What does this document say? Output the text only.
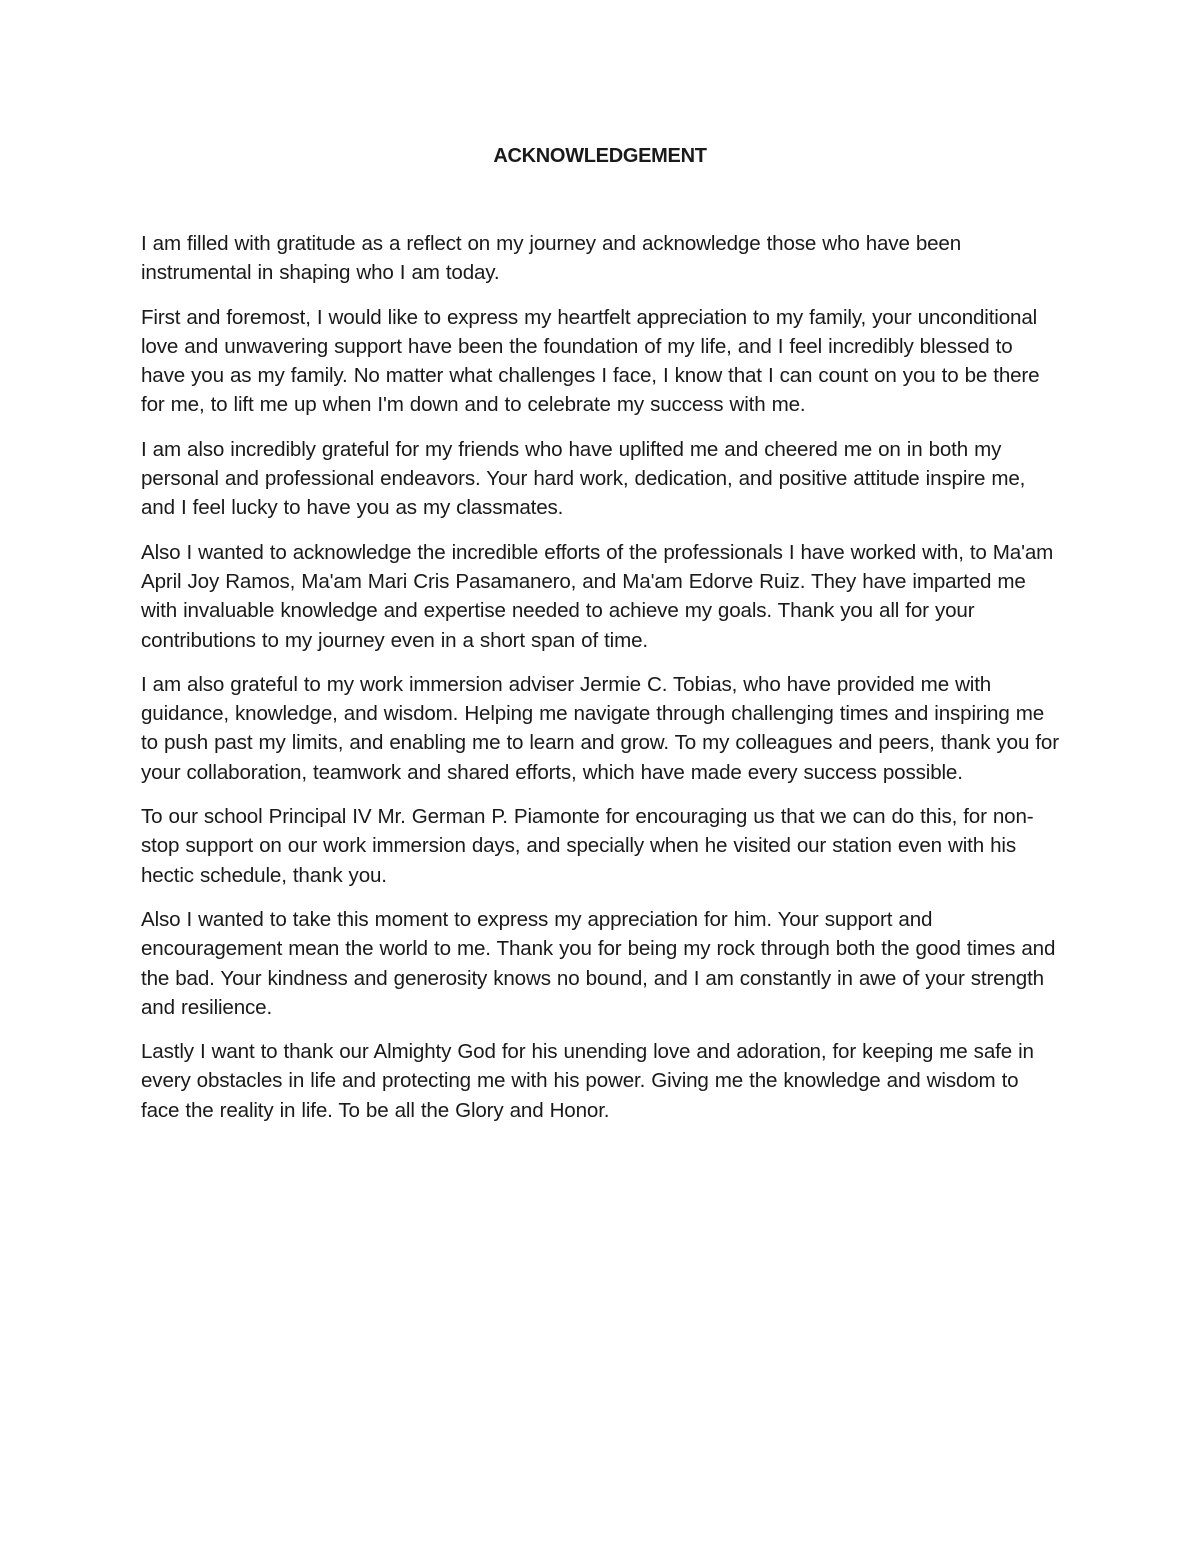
ACKNOWLEDGEMENT

I am filled with gratitude as a reflect on my journey and acknowledge those who have been instrumental in shaping who I am today.

First and foremost, I would like to express my heartfelt appreciation to my family, your unconditional love and unwavering support have been the foundation of my life, and I feel incredibly blessed to have you as my family. No matter what challenges I face, I know that I can count on you to be there for me, to lift me up when I'm down and to celebrate my success with me.

I am also incredibly grateful for my friends who have uplifted me and cheered me on in both my personal and professional endeavors. Your hard work, dedication, and positive attitude inspire me, and I feel lucky to have you as my classmates.

Also I wanted to acknowledge the incredible efforts of the professionals I have worked with, to Ma'am April Joy Ramos, Ma'am Mari Cris Pasamanero, and Ma'am Edorve Ruiz. They have imparted me with invaluable knowledge and expertise needed to achieve my goals. Thank you all for your contributions to my journey even in a short span of time.

I am also grateful to my work immersion adviser Jermie C. Tobias, who have provided me with guidance, knowledge, and wisdom. Helping me navigate through challenging times and inspiring me to push past my limits, and enabling me to learn and grow. To my colleagues and peers, thank you for your collaboration, teamwork and shared efforts, which have made every success possible.

To our school Principal IV Mr. German P. Piamonte for encouraging us that we can do this, for non-stop support on our work immersion days, and specially when he visited our station even with his hectic schedule, thank you.

Also I wanted to take this moment to express my appreciation for him. Your support and encouragement mean the world to me. Thank you for being my rock through both the good times and the bad. Your kindness and generosity knows no bound, and I am constantly in awe of your strength and resilience.

Lastly I want to thank our Almighty God for his unending love and adoration, for keeping me safe in every obstacles in life and protecting me with his power. Giving me the knowledge and wisdom to face the reality in life. To be all the Glory and Honor.
